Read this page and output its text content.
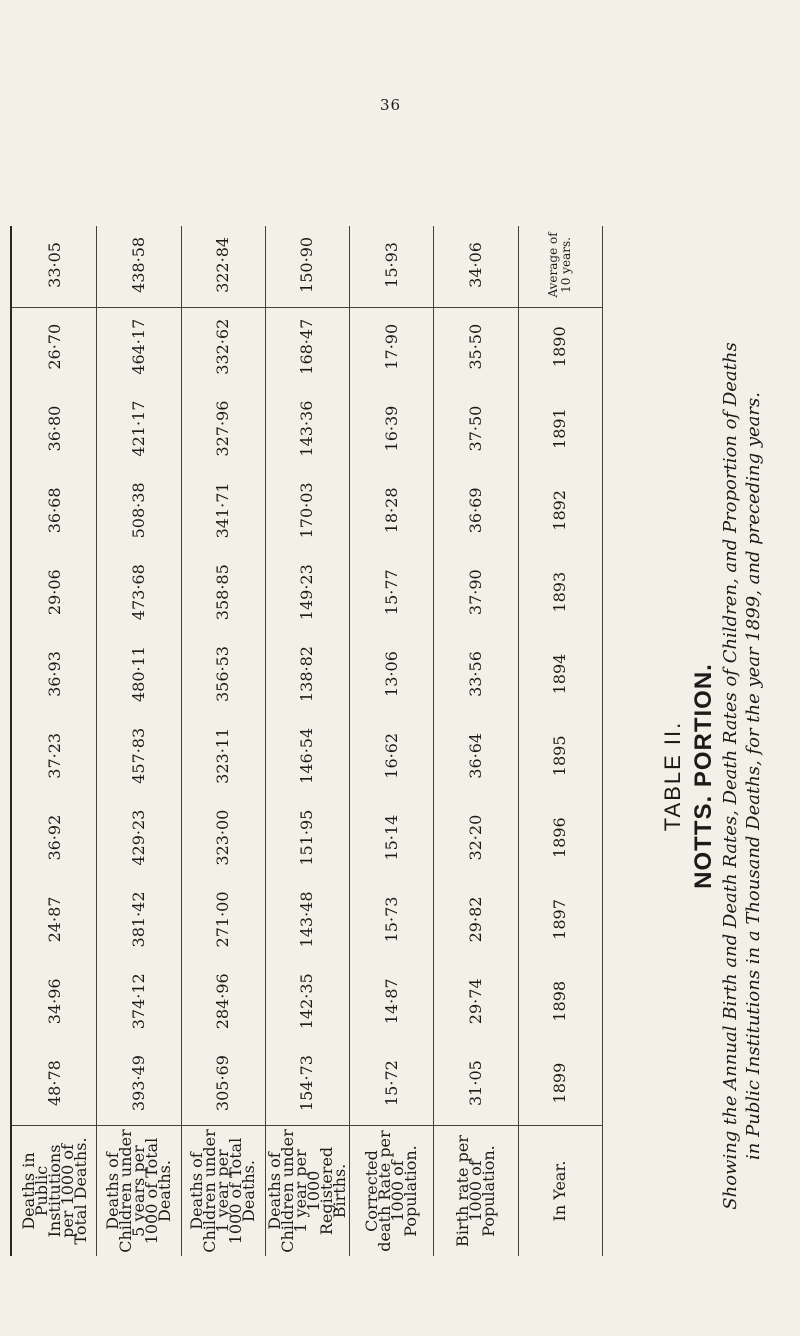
36
TABLE II. NOTTS. PORTION. Showing the Annual Birth and Death Rates, Death Rates of Children, and Proportion of Deaths in Public Institutions in a Thousand Deaths, for the year 1899, and preceding years.
In Year.
1899
1898
1897
1896
1895
1894
1893
1892
1891
1890
Average of 10 years.
Birth rate per 1000 of Population.
31·05
29·74
29·82
32·20
36·64
33·56
37·90
36·69
37·50
35·50
34·06
Corrected death Rate per 1000 of Population.
15·72
14·87
15·73
15·14
16·62
13·06
15·77
18·28
16·39
17·90
15·93
Deaths of Children under 1 year per 1000 Registered Births.
154·73
142·35
143·48
151·95
146·54
138·82
149·23
170·03
143·36
168·47
150·90
Deaths of Children under 1 year per 1000 of Total Deaths.
305·69
284·96
271·00
323·00
323·11
356·53
358·85
341·71
327·96
332·62
322·84
Deaths of Children under 5 years per 1000 of Total Deaths.
393·49
374·12
381·42
429·23
457·83
480·11
473·68
508·38
421·17
464·17
438·58
Deaths in Public Institutions per 1000 of Total Deaths.
48·78
34·96
24·87
36·92
37·23
36·93
29·06
36·68
36·80
26·70
33·05
